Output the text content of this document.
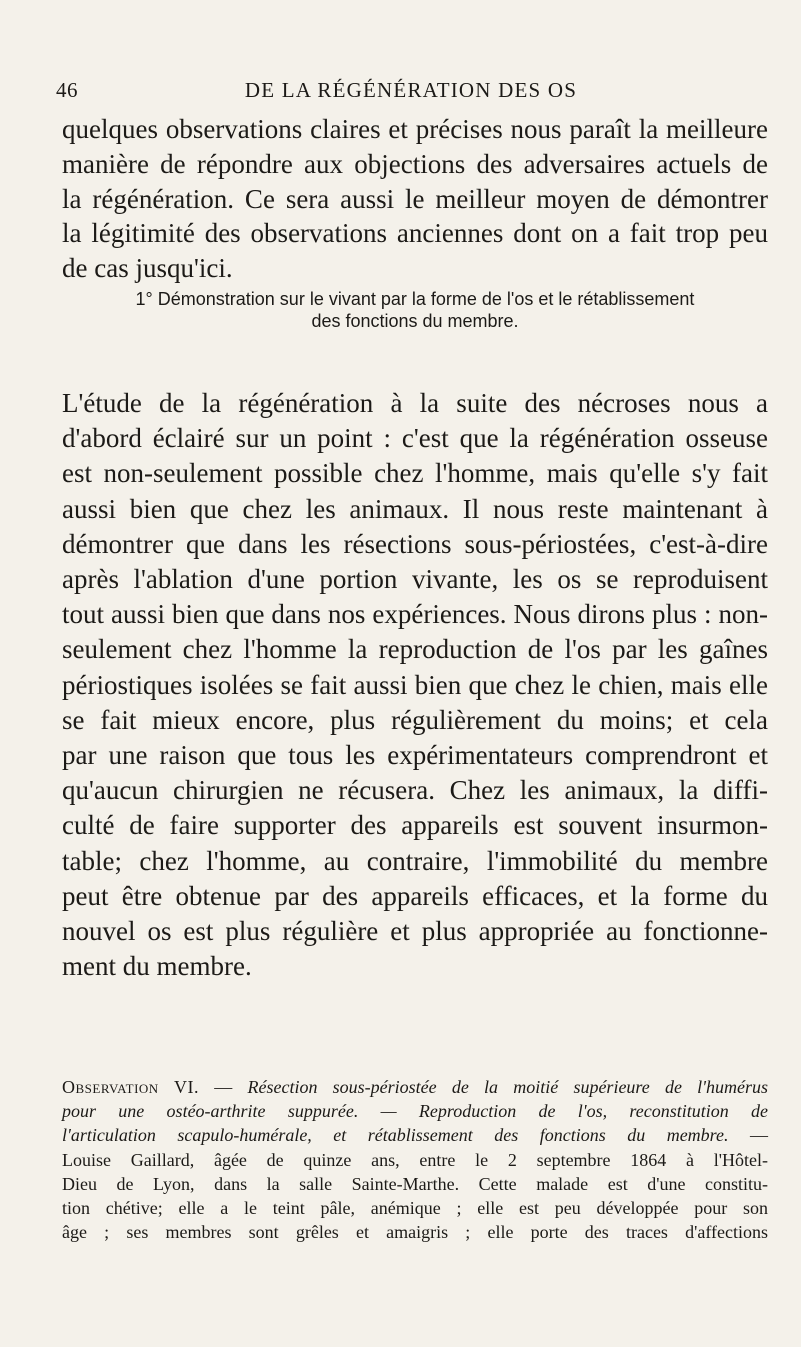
46	DE LA RÉGÉNÉRATION DES OS

quelques observations claires et précises nous paraît la meilleure
manière de répondre aux objections des adversaires actuels de
la régénération. Ce sera aussi le meilleur moyen de démontrer
la légitimité des observations anciennes dont on a fait trop peu
de cas jusqu'ici.

1° Démonstration sur le vivant par la forme de l'os et le rétablissement
des fonctions du membre.

L'étude de la régénération à la suite des nécroses nous a
d'abord éclairé sur un point : c'est que la régénération osseuse
est non-seulement possible chez l'homme, mais qu'elle s'y fait
aussi bien que chez les animaux. Il nous reste maintenant à
démontrer que dans les résections sous-périostées, c'est-à-dire
après l'ablation d'une portion vivante, les os se reproduisent
tout aussi bien que dans nos expériences. Nous dirons plus : non-
seulement chez l'homme la reproduction de l'os par les gaînes
périostiques isolées se fait aussi bien que chez le chien, mais elle
se fait mieux encore, plus régulièrement du moins; et cela
par une raison que tous les expérimentateurs comprendront et
qu'aucun chirurgien ne récusera. Chez les animaux, la diffi-
culté de faire supporter des appareils est souvent insurmon-
table; chez l'homme, au contraire, l'immobilité du membre
peut être obtenue par des appareils efficaces, et la forme du
nouvel os est plus régulière et plus appropriée au fonctionne-
ment du membre.

Observation VI. — Résection sous-périostée de la moitié supérieure de l'humérus
pour une ostéo-arthrite suppurée. — Reproduction de l'os, reconstitution de
l'articulation scapulo-humérale, et rétablissement des fonctions du membre. —
Louise Gaillard, âgée de quinze ans, entre le 2 septembre 1864 à l'Hôtel-
Dieu de Lyon, dans la salle Sainte-Marthe. Cette malade est d'une constitu-
tion chétive; elle a le teint pâle, anémique ; elle est peu développée pour son
âge ; ses membres sont grêles et amaigris ; elle porte des traces d'affections
